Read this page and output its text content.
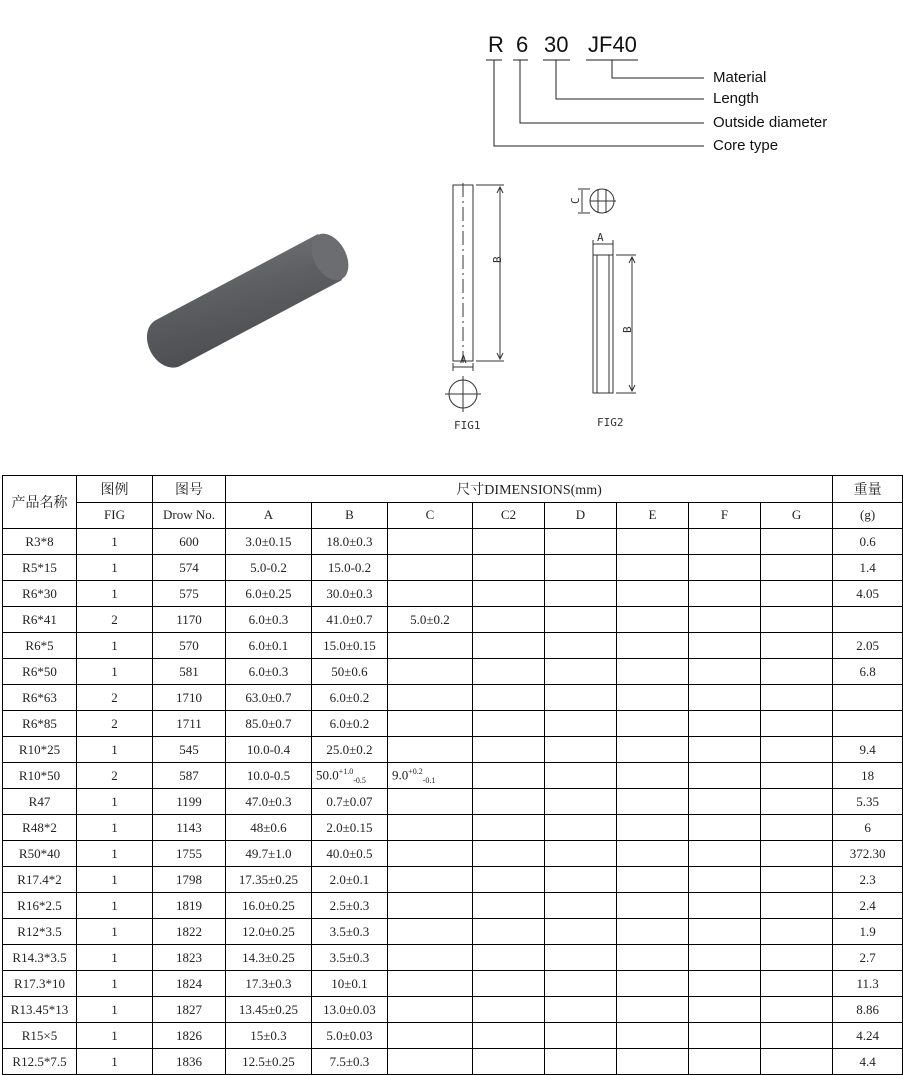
R 6 30 JF40
Material
Length
Outside diameter
Core type
B
A
FIG1
C
A
B
FIG2
产品名称	图例	图号	尺寸DIMENSIONS(mm)								重量
	FIG	Drow No.	A	B	C	C2	D	E	F	G	(g)
R3*8	1	600	3.0±0.15	18.0±0.3							0.6
R5*15	1	574	5.0-0.2	15.0-0.2							1.4
R6*30	1	575	6.0±0.25	30.0±0.3							4.05
R6*41	2	1170	6.0±0.3	41.0±0.7	5.0±0.2						
R6*5	1	570	6.0±0.1	15.0±0.15							2.05
R6*50	1	581	6.0±0.3	50±0.6							6.8
R6*63	2	1710	63.0±0.7	6.0±0.2							
R6*85	2	1711	85.0±0.7	6.0±0.2							
R10*25	1	545	10.0-0.4	25.0±0.2							9.4
R10*50	2	587	10.0-0.5	$50.0^{+1.0}_{-0.5}$	$9.0^{+0.2}_{-0.1}$						18
R47	1	1199	47.0±0.3	0.7±0.07							5.35
R48*2	1	1143	48±0.6	2.0±0.15							6
R50*40	1	1755	49.7±1.0	40.0±0.5							372.30
R17.4*2	1	1798	17.35±0.25	2.0±0.1							2.3
R16*2.5	1	1819	16.0±0.25	2.5±0.3							2.4
R12*3.5	1	1822	12.0±0.25	3.5±0.3							1.9
R14.3*3.5	1	1823	14.3±0.25	3.5±0.3							2.7
R17.3*10	1	1824	17.3±0.3	10±0.1							11.3
R13.45*13	1	1827	13.45±0.25	13.0±0.03							8.86
R15×5	1	1826	15±0.3	5.0±0.03							4.24
R12.5*7.5	1	1836	12.5±0.25	7.5±0.3							4.4
